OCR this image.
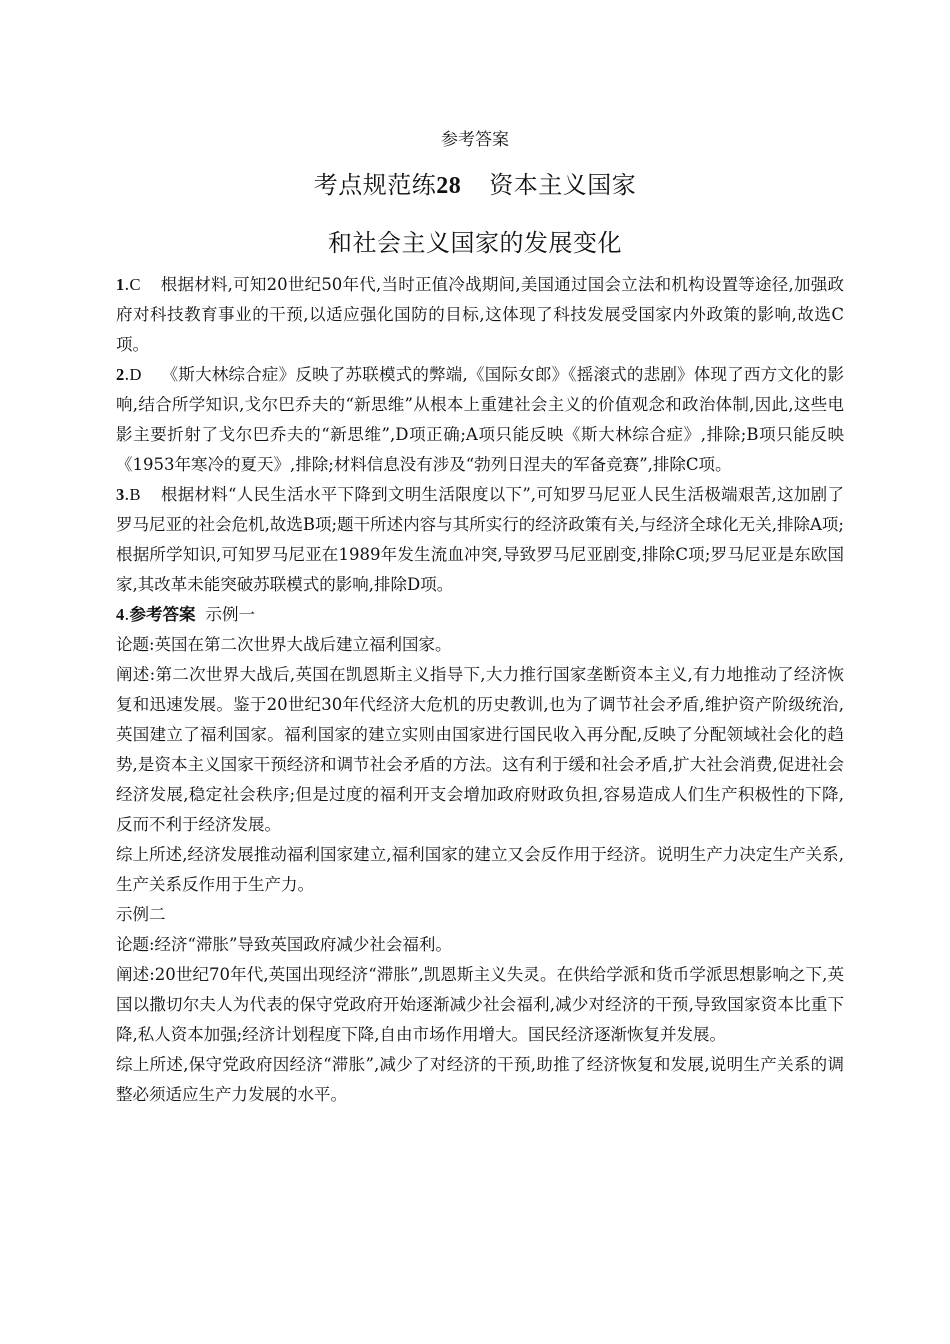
参考答案
考点规范练28 资本主义国家
和社会主义国家的发展变化

1.C 根据材料,可知20世纪50年代,当时正值冷战期间,美国通过国会立法和机构设置等途径,加强政府对科技教育事业的干预,以适应强化国防的目标,这体现了科技发展受国家内外政策的影响,故选C项。

2.D 《斯大林综合症》反映了苏联模式的弊端,《国际女郎》《摇滚式的悲剧》体现了西方文化的影响,结合所学知识,戈尔巴乔夫的“新思维”从根本上重建社会主义的价值观念和政治体制,因此,这些电影主要折射了戈尔巴乔夫的“新思维”,D项正确;A项只能反映《斯大林综合症》,排除;B项只能反映《1953年寒冷的夏天》,排除;材料信息没有涉及“勃列日涅夫的军备竞赛”,排除C项。

3.B 根据材料“人民生活水平下降到文明生活限度以下”,可知罗马尼亚人民生活极端艰苦,这加剧了罗马尼亚的社会危机,故选B项;题干所述内容与其所实行的经济政策有关,与经济全球化无关,排除A项;根据所学知识,可知罗马尼亚在1989年发生流血冲突,导致罗马尼亚剧变,排除C项;罗马尼亚是东欧国家,其改革未能突破苏联模式的影响,排除D项。

4.参考答案 示例一

论题:英国在第二次世界大战后建立福利国家。

阐述:第二次世界大战后,英国在凯恩斯主义指导下,大力推行国家垄断资本主义,有力地推动了经济恢复和迅速发展。鉴于20世纪30年代经济大危机的历史教训,也为了调节社会矛盾,维护资产阶级统治,英国建立了福利国家。福利国家的建立实则由国家进行国民收入再分配,反映了分配领域社会化的趋势,是资本主义国家干预经济和调节社会矛盾的方法。这有利于缓和社会矛盾,扩大社会消费,促进社会经济发展,稳定社会秩序;但是过度的福利开支会增加政府财政负担,容易造成人们生产积极性的下降,反而不利于经济发展。

综上所述,经济发展推动福利国家建立,福利国家的建立又会反作用于经济。说明生产力决定生产关系,生产关系反作用于生产力。

示例二

论题:经济“滞胀”导致英国政府减少社会福利。

阐述:20世纪70年代,英国出现经济“滞胀”,凯恩斯主义失灵。在供给学派和货币学派思想影响之下,英国以撒切尔夫人为代表的保守党政府开始逐渐减少社会福利,减少对经济的干预,导致国家资本比重下降,私人资本加强;经济计划程度下降,自由市场作用增大。国民经济逐渐恢复并发展。

综上所述,保守党政府因经济“滞胀”,减少了对经济的干预,助推了经济恢复和发展,说明生产关系的调整必须适应生产力发展的水平。
